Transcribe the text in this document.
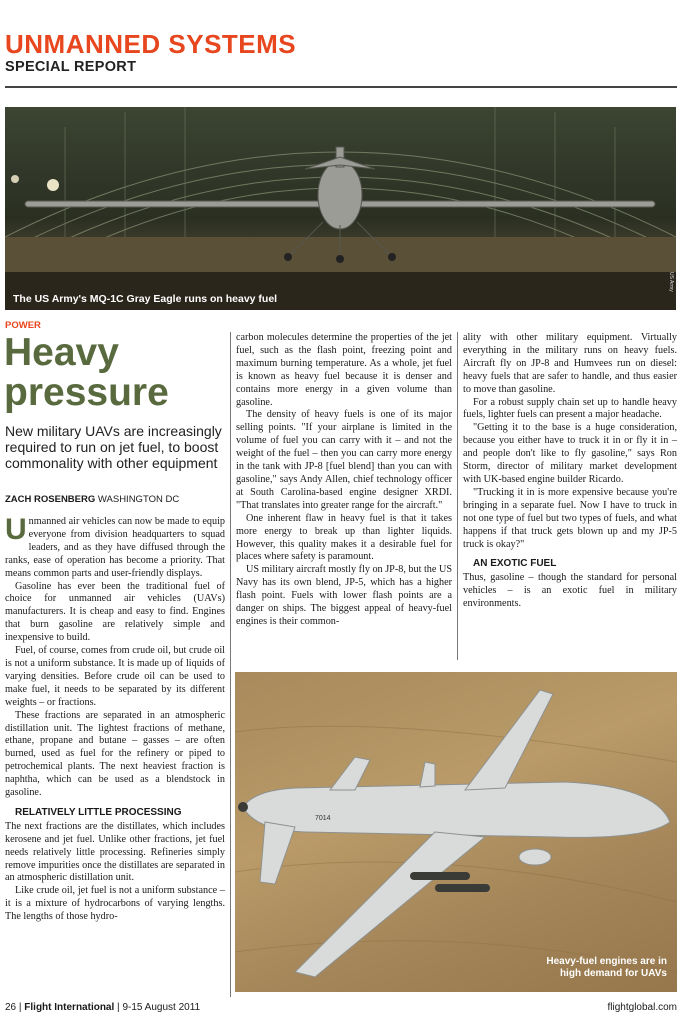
UNMANNED SYSTEMS
SPECIAL REPORT
The US Army's MQ-1C Gray Eagle runs on heavy fuel
US Army
POWER
Heavy
pressure
New military UAVs are increasingly required to run on jet fuel, to boost commonality with other equipment
ZACH ROSENBERG WASHINGTON DC

Unmanned air vehicles can now be made to equip everyone from division headquarters to squad leaders, and as they have diffused through the ranks, ease of operation has become a priority. That means common parts and user-friendly displays.

Gasoline has ever been the traditional fuel of choice for unmanned air vehicles (UAVs) manufacturers. It is cheap and easy to find. Engines that burn gasoline are relatively simple and inexpensive to build.

Fuel, of course, comes from crude oil, but crude oil is not a uniform substance. It is made up of liquids of varying densities. Before crude oil can be used to make fuel, it needs to be separated by its different weights – or fractions.

These fractions are separated in an atmospheric distillation unit. The lightest fractions of methane, ethane, propane and butane – gasses – are often burned, used as fuel for the refinery or piped to petrochemical plants. The next heaviest fraction is naphtha, which can be used as a blendstock in gasoline.

RELATIVELY LITTLE PROCESSING

The next fractions are the distillates, which includes kerosene and jet fuel. Unlike other fractions, jet fuel needs relatively little processing. Refineries simply remove impurities once the distillates are separated in an atmospheric distillation unit.

Like crude oil, jet fuel is not a uniform substance – it is a mixture of hydrocarbons of varying lengths. The lengths of those hydro-

carbon molecules determine the properties of the jet fuel, such as the flash point, freezing point and maximum burning temperature. As a whole, jet fuel is known as heavy fuel because it is denser and contains more energy in a given volume than gasoline.

The density of heavy fuels is one of its major selling points. "If your airplane is limited in the volume of fuel you can carry with it – and not the weight of the fuel – then you can carry more energy in the tank with JP-8 [fuel blend] than you can with gasoline," says Andy Allen, chief technology officer at South Carolina-based engine designer XRDI. "That translates into greater range for the aircraft."

One inherent flaw in heavy fuel is that it takes more energy to break up than lighter liquids. However, this quality makes it a desirable fuel for places where safety is paramount.

US military aircraft mostly fly on JP-8, but the US Navy has its own blend, JP-5, which has a higher flash point. Fuels with lower flash points are a danger on ships. The biggest appeal of heavy-fuel engines is their common-

ality with other military equipment. Virtually everything in the military runs on heavy fuels. Aircraft fly on JP-8 and Humvees run on diesel: heavy fuels that are safer to handle, and thus easier to move than gasoline.

For a robust supply chain set up to handle heavy fuels, lighter fuels can present a major headache.

"Getting it to the base is a huge consideration, because you either have to truck it in or fly it in – and people don't like to fly gasoline," says Ron Storm, director of military market development with UK-based engine builder Ricardo.

"Trucking it in is more expensive because you're bringing in a separate fuel. Now I have to truck in not one type of fuel but two types of fuels, and what happens if that truck gets blown up and my JP-5 truck is okay?"

AN EXOTIC FUEL

Thus, gasoline – though the standard for personal vehicles – is an exotic fuel in military environments.

7014
Heavy-fuel engines are in high demand for UAVs
26 | Flight International | 9-15 August 2011	flightglobal.com
